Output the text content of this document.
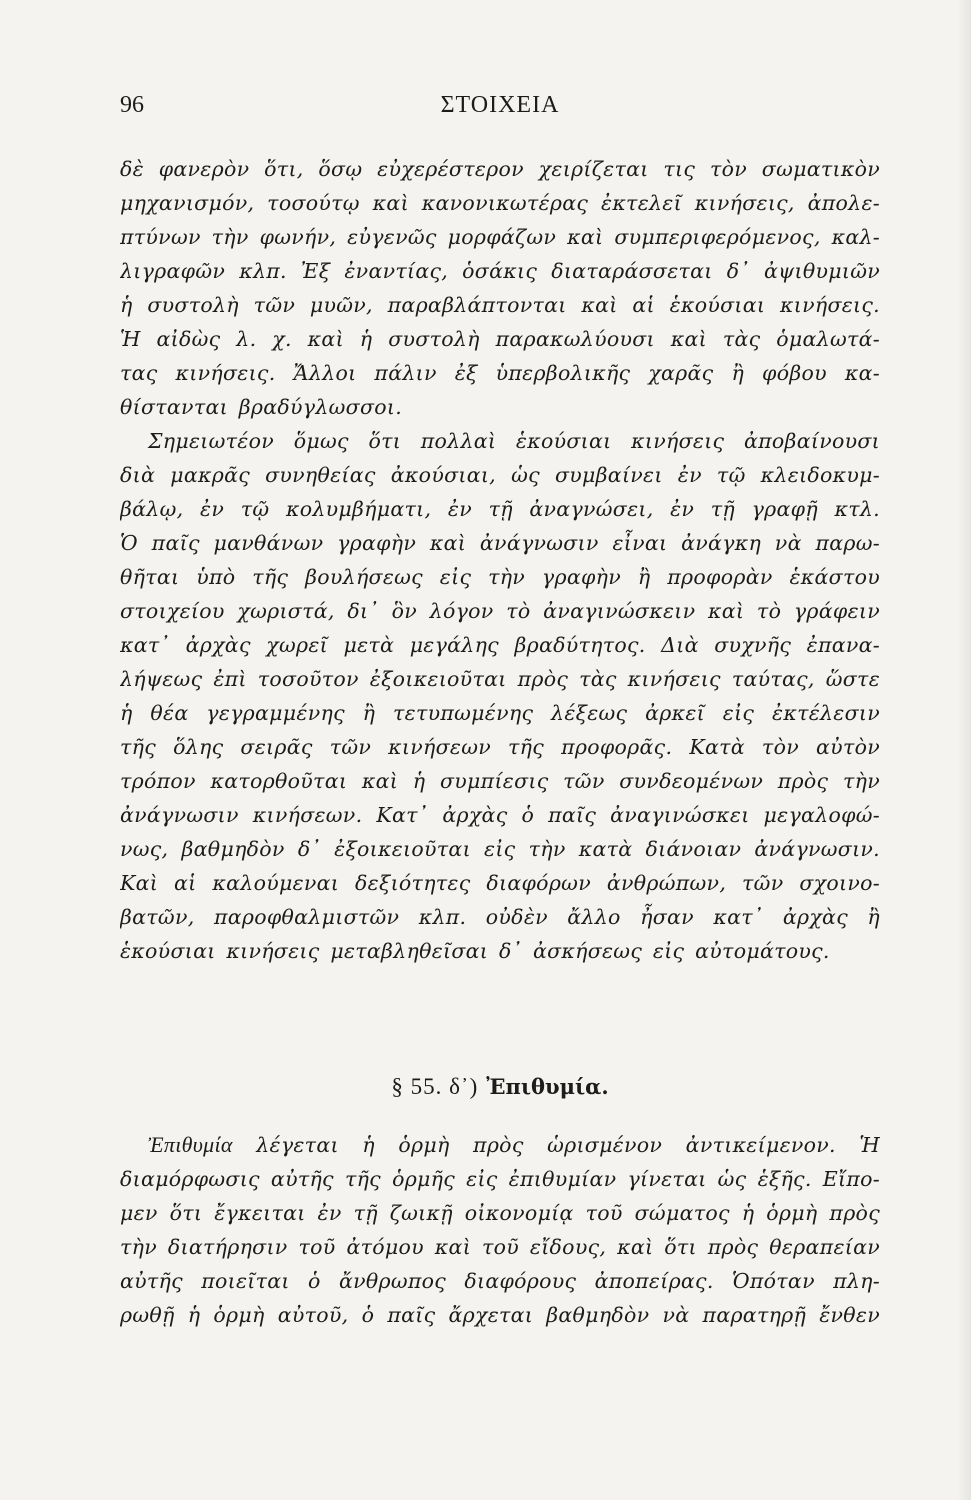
96	ΣΤΟΙΧΕΙΑ
δὲ φανερὸν ὅτι, ὅσῳ εὐχερέστερον χειρίζεται τις τὸν σωματικὸν
μηχανισμόν, τοσούτῳ καὶ κανονικωτέρας ἐκτελεῖ κινήσεις, ἀπολε-
πτύνων τὴν φωνήν, εὐγενῶς μορφάζων καὶ συμπεριφερόμενος, καλ-
λιγραφῶν κλπ. Ἐξ ἐναντίας, ὁσάκις διαταράσσεται δ᾽ ἀψιθυμιῶν
ἡ συστολὴ τῶν μυῶν, παραβλάπτονται καὶ αἱ ἑκούσιαι κινήσεις.
Ἡ αἰδὼς λ. χ. καὶ ἡ συστολὴ παρακωλύουσι καὶ τὰς ὁμαλωτά-
τας κινήσεις. Ἄλλοι πάλιν ἐξ ὑπερβολικῆς χαρᾶς ἢ φόβου κα-
θίστανται βραδύγλωσσοι.
Σημειωτέον ὅμως ὅτι πολλαὶ ἑκούσιαι κινήσεις ἀποβαίνουσι
διὰ μακρᾶς συνηθείας ἀκούσιαι, ὡς συμβαίνει ἐν τῷ κλειδοκυμ-
βάλῳ, ἐν τῷ κολυμβήματι, ἐν τῇ ἀναγνώσει, ἐν τῇ γραφῇ κτλ.
Ὁ παῖς μανθάνων γραφὴν καὶ ἀνάγνωσιν εἶναι ἀνάγκη νὰ παρω-
θῆται ὑπὸ τῆς βουλήσεως εἰς τὴν γραφὴν ἢ προφορὰν ἑκάστου
στοιχείου χωριστά, δι᾽ ὃν λόγον τὸ ἀναγινώσκειν καὶ τὸ γράφειν
κατ᾽ ἀρχὰς χωρεῖ μετὰ μεγάλης βραδύτητος. Διὰ συχνῆς ἐπανα-
λήψεως ἐπὶ τοσοῦτον ἐξοικειοῦται πρὸς τὰς κινήσεις ταύτας, ὥστε
ἡ θέα γεγραμμένης ἢ τετυπωμένης λέξεως ἀρκεῖ εἰς ἐκτέλεσιν
τῆς ὅλης σειρᾶς τῶν κινήσεων τῆς προφορᾶς. Κατὰ τὸν αὐτὸν
τρόπον κατορθοῦται καὶ ἡ συμπίεσις τῶν συνδεομένων πρὸς τὴν
ἀνάγνωσιν κινήσεων. Κατ᾽ ἀρχὰς ὁ παῖς ἀναγινώσκει μεγαλοφώ-
νως, βαθμηδὸν δ᾽ ἐξοικειοῦται εἰς τὴν κατὰ διάνοιαν ἀνάγνωσιν.
Καὶ αἱ καλούμεναι δεξιότητες διαφόρων ἀνθρώπων, τῶν σχοινο-
βατῶν, παροφθαλμιστῶν κλπ. οὐδὲν ἄλλο ἦσαν κατ᾽ ἀρχὰς ἢ
ἑκούσιαι κινήσεις μεταβληθεῖσαι δ᾽ ἀσκήσεως εἰς αὐτομάτους.
§ 55. δ᾽) Ἐπιθυμία.
Ἐπιθυμία λέγεται ἡ ὁρμὴ πρὸς ὡρισμένον ἀντικείμενον. Ἡ
διαμόρφωσις αὐτῆς τῆς ὁρμῆς εἰς ἐπιθυμίαν γίνεται ὡς ἑξῆς. Εἴπο-
μεν ὅτι ἔγκειται ἐν τῇ ζωικῇ οἰκονομίᾳ τοῦ σώματος ἡ ὁρμὴ πρὸς
τὴν διατήρησιν τοῦ ἀτόμου καὶ τοῦ εἴδους, καὶ ὅτι πρὸς θεραπείαν
αὐτῆς ποιεῖται ὁ ἄνθρωπος διαφόρους ἀποπείρας. Ὁπόταν πλη-
ρωθῇ ἡ ὁρμὴ αὐτοῦ, ὁ παῖς ἄρχεται βαθμηδὸν νὰ παρατηρῇ ἔνθεν
